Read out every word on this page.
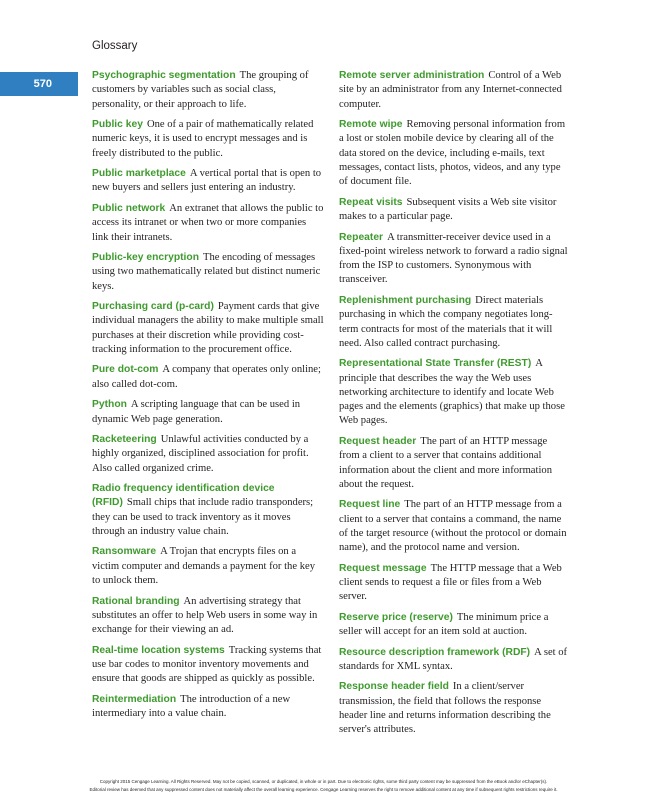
Glossary
570

Psychographic segmentation The grouping of customers by variables such as social class, personality, or their approach to life.

Public key One of a pair of mathematically related numeric keys, it is used to encrypt messages and is freely distributed to the public.

Public marketplace A vertical portal that is open to new buyers and sellers just entering an industry.

Public network An extranet that allows the public to access its intranet or when two or more companies link their intranets.

Public-key encryption The encoding of messages using two mathematically related but distinct numeric keys.

Purchasing card (p-card) Payment cards that give individual managers the ability to make multiple small purchases at their discretion while providing cost-tracking information to the procurement office.

Pure dot-com A company that operates only online; also called dot-com.

Python A scripting language that can be used in dynamic Web page generation.

Racketeering Unlawful activities conducted by a highly organized, disciplined association for profit. Also called organized crime.

Radio frequency identification device (RFID) Small chips that include radio transponders; they can be used to track inventory as it moves through an industry value chain.

Ransomware A Trojan that encrypts files on a victim computer and demands a payment for the key to unlock them.

Rational branding An advertising strategy that substitutes an offer to help Web users in some way in exchange for their viewing an ad.

Real-time location systems Tracking systems that use bar codes to monitor inventory movements and ensure that goods are shipped as quickly as possible.

Reintermediation The introduction of a new intermediary into a value chain.

Remote server administration Control of a Web site by an administrator from any Internet-connected computer.

Remote wipe Removing personal information from a lost or stolen mobile device by clearing all of the data stored on the device, including e-mails, text messages, contact lists, photos, videos, and any type of document file.

Repeat visits Subsequent visits a Web site visitor makes to a particular page.

Repeater A transmitter-receiver device used in a fixed-point wireless network to forward a radio signal from the ISP to customers. Synonymous with transceiver.

Replenishment purchasing Direct materials purchasing in which the company negotiates long-term contracts for most of the materials that it will need. Also called contract purchasing.

Representational State Transfer (REST) A principle that describes the way the Web uses networking architecture to identify and locate Web pages and the elements (graphics) that make up those Web pages.

Request header The part of an HTTP message from a client to a server that contains additional information about the client and more information about the request.

Request line The part of an HTTP message from a client to a server that contains a command, the name of the target resource (without the protocol or domain name), and the protocol name and version.

Request message The HTTP message that a Web client sends to request a file or files from a Web server.

Reserve price (reserve) The minimum price a seller will accept for an item sold at auction.

Resource description framework (RDF) A set of standards for XML syntax.

Response header field In a client/server transmission, the field that follows the response header line and returns information describing the server's attributes.

Copyright 2015 Cengage Learning. All Rights Reserved. May not be copied, scanned, or duplicated, in whole or in part. Due to electronic rights, some third party content may be suppressed from the eBook and/or eChapter(s).
Editorial review has deemed that any suppressed content does not materially affect the overall learning experience. Cengage Learning reserves the right to remove additional content at any time if subsequent rights restrictions require it.
